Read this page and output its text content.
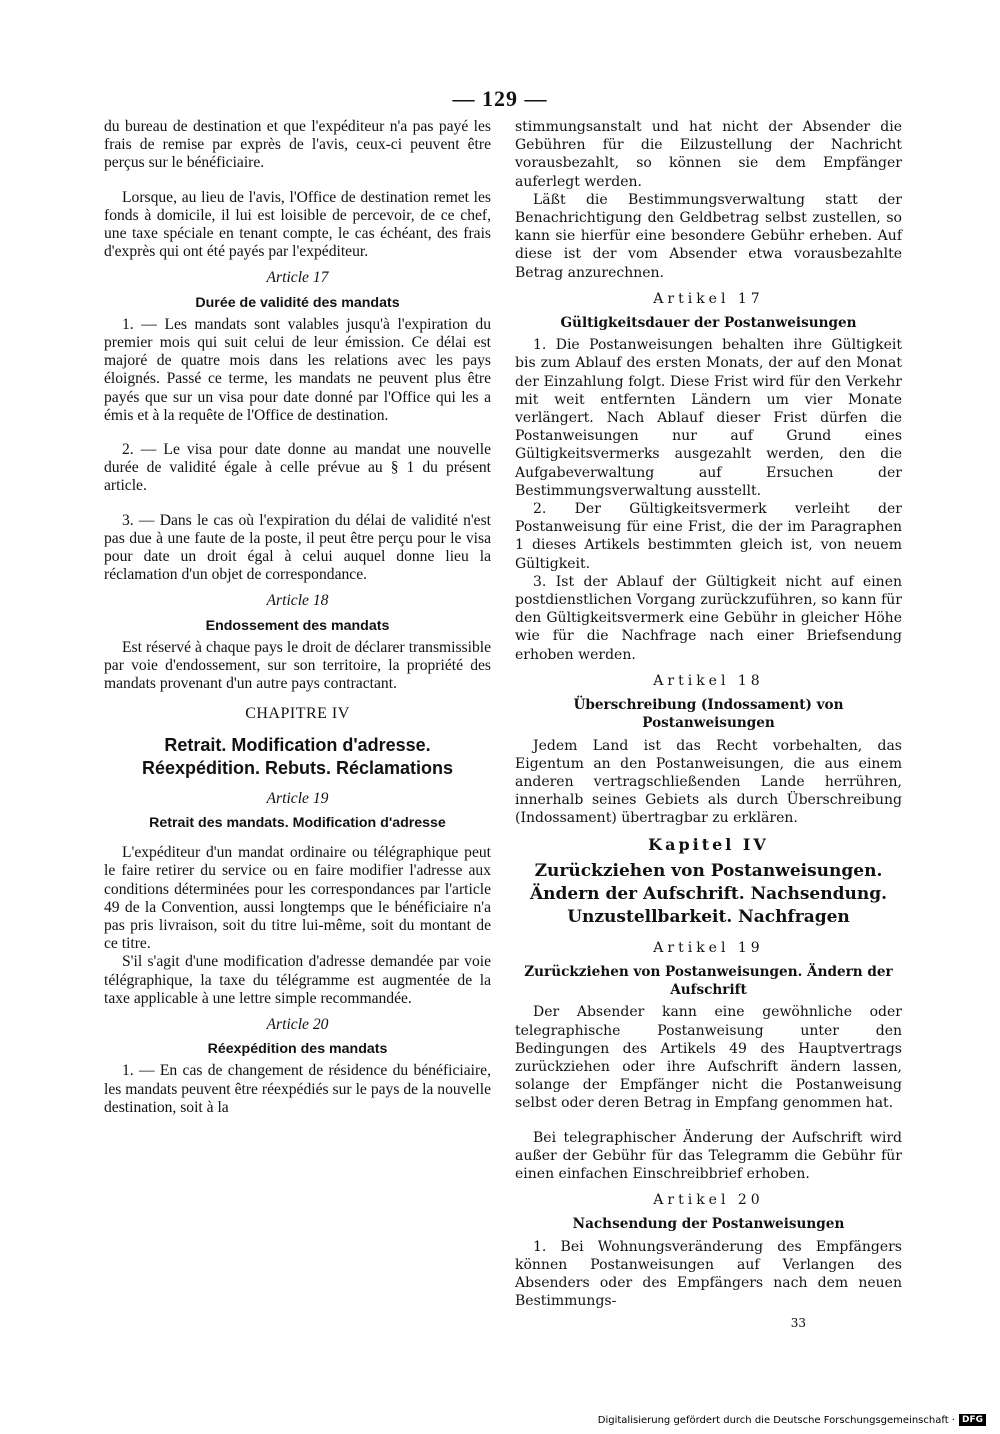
— 129 —

du bureau de destination et que l'expéditeur n'a pas payé les frais de remise par exprès de l'avis, ceux-ci peuvent être perçus sur le bénéficiaire.

Lorsque, au lieu de l'avis, l'Office de destination remet les fonds à domicile, il lui est loisible de percevoir, de ce chef, une taxe spéciale en tenant compte, le cas échéant, des frais d'exprès qui ont été payés par l'expéditeur.

Article 17
Durée de validité des mandats

1. — Les mandats sont valables jusqu'à l'expiration du premier mois qui suit celui de leur émission. Ce délai est majoré de quatre mois dans les relations avec les pays éloignés. Passé ce terme, les mandats ne peuvent plus être payés que sur un visa pour date donné par l'Office qui les a émis et à la requête de l'Office de destination.

2. — Le visa pour date donne au mandat une nouvelle durée de validité égale à celle prévue au § 1 du présent article.

3. — Dans le cas où l'expiration du délai de validité n'est pas due à une faute de la poste, il peut être perçu pour le visa pour date un droit égal à celui auquel donne lieu la réclamation d'un objet de correspondance.

Article 18
Endossement des mandats

Est réservé à chaque pays le droit de déclarer transmissible par voie d'endossement, sur son territoire, la propriété des mandats provenant d'un autre pays contractant.

CHAPITRE IV
Retrait. Modification d'adresse. Réexpédition. Rebuts. Réclamations
Article 19
Retrait des mandats. Modification d'adresse

L'expéditeur d'un mandat ordinaire ou télégraphique peut le faire retirer du service ou en faire modifier l'adresse aux conditions déterminées pour les correspondances par l'article 49 de la Convention, aussi longtemps que le bénéficiaire n'a pas pris livraison, soit du titre lui-même, soit du montant de ce titre.

S'il s'agit d'une modification d'adresse demandée par voie télégraphique, la taxe du télégramme est augmentée de la taxe applicable à une lettre simple recommandée.

Article 20
Réexpédition des mandats

1. — En cas de changement de résidence du bénéficiaire, les mandats peuvent être réexpédiés sur le pays de la nouvelle destination, soit à la

stimmungsanstalt und hat nicht der Absender die Gebühren für die Eilzustellung der Nachricht vorausbezahlt, so können sie dem Empfänger auferlegt werden.

Läßt die Bestimmungsverwaltung statt der Benachrichtigung den Geldbetrag selbst zustellen, so kann sie hierfür eine besondere Gebühr erheben. Auf diese ist der vom Absender etwa vorausbezahlte Betrag anzurechnen.

Artikel 17
Gültigkeitsdauer der Postanweisungen

1. Die Postanweisungen behalten ihre Gültigkeit bis zum Ablauf des ersten Monats, der auf den Monat der Einzahlung folgt. Diese Frist wird für den Verkehr mit weit entfernten Ländern um vier Monate verlängert. Nach Ablauf dieser Frist dürfen die Postanweisungen nur auf Grund eines Gültigkeitsvermerks ausgezahlt werden, den die Aufgabeverwaltung auf Ersuchen der Bestimmungsverwaltung ausstellt.

2. Der Gültigkeitsvermerk verleiht der Postanweisung für eine Frist, die der im Paragraphen 1 dieses Artikels bestimmten gleich ist, von neuem Gültigkeit.

3. Ist der Ablauf der Gültigkeit nicht auf einen postdienstlichen Vorgang zurückzuführen, so kann für den Gültigkeitsvermerk eine Gebühr in gleicher Höhe wie für die Nachfrage nach einer Briefsendung erhoben werden.

Artikel 18
Überschreibung (Indossament) von Postanweisungen

Jedem Land ist das Recht vorbehalten, das Eigentum an den Postanweisungen, die aus einem anderen vertragschließenden Lande herrühren, innerhalb seines Gebiets als durch Überschreibung (Indossament) übertragbar zu erklären.

Kapitel IV
Zurückziehen von Postanweisungen. Ändern der Aufschrift. Nachsendung. Unzustellbarkeit. Nachfragen
Artikel 19
Zurückziehen von Postanweisungen. Ändern der Aufschrift

Der Absender kann eine gewöhnliche oder telegraphische Postanweisung unter den Bedingungen des Artikels 49 des Hauptvertrags zurückziehen oder ihre Aufschrift ändern lassen, solange der Empfänger nicht die Postanweisung selbst oder deren Betrag in Empfang genommen hat.

Bei telegraphischer Änderung der Aufschrift wird außer der Gebühr für das Telegramm die Gebühr für einen einfachen Einschreibbrief erhoben.

Artikel 20
Nachsendung der Postanweisungen

1. Bei Wohnungsveränderung des Empfängers können Postanweisungen auf Verlangen des Absenders oder des Empfängers nach dem neuen Bestimmungs-

33
Digitalisierung gefördert durch die Deutsche Forschungsgemeinschaft · DFG
